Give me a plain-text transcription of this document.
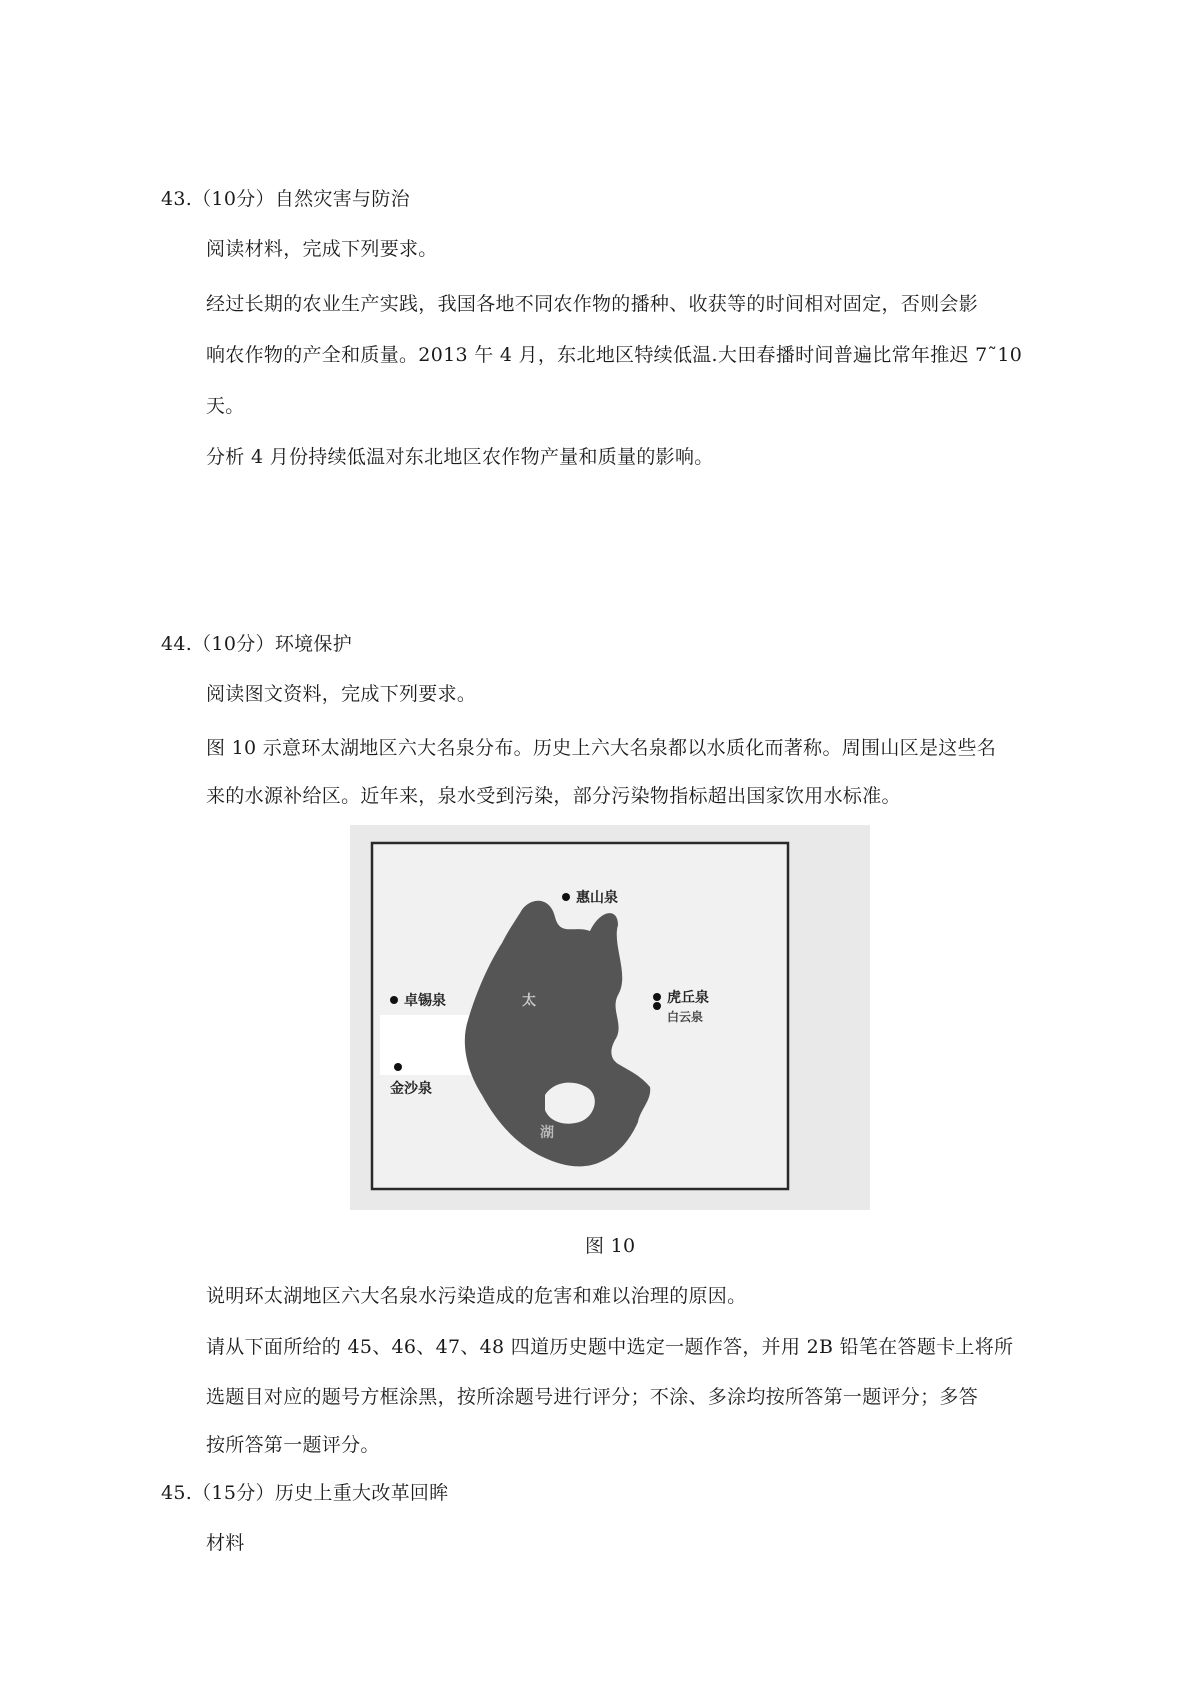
43.（10分）自然灾害与防治
阅读材料，完成下列要求。
经过长期的农业生产实践，我国各地不同农作物的播种、收获等的时间相对固定，否则会影
响农作物的产全和质量。2013 午 4 月，东北地区特续低温.大田春播时间普遍比常年推迟 7˜10
天。
分析 4 月份持续低温对东北地区农作物产量和质量的影响。
44.（10分）环境保护
阅读图文资料，完成下列要求。
图 10 示意环太湖地区六大名泉分布。历史上六大名泉都以水质化而著称。周围山区是这些名
来的水源补给区。近年来，泉水受到污染，部分污染物指标超出国家饮用水标准。
惠山泉
卓锡泉	虎丘泉
白云泉
金沙泉
太
湖
图 10
说明环太湖地区六大名泉水污染造成的危害和难以治理的原因。
请从下面所给的 45、46、47、48 四道历史题中选定一题作答，并用 2B 铅笔在答题卡上将所
选题目对应的题号方框涂黑，按所涂题号进行评分；不涂、多涂均按所答第一题评分；多答
按所答第一题评分。
45.（15分）历史上重大改革回眸
材料
